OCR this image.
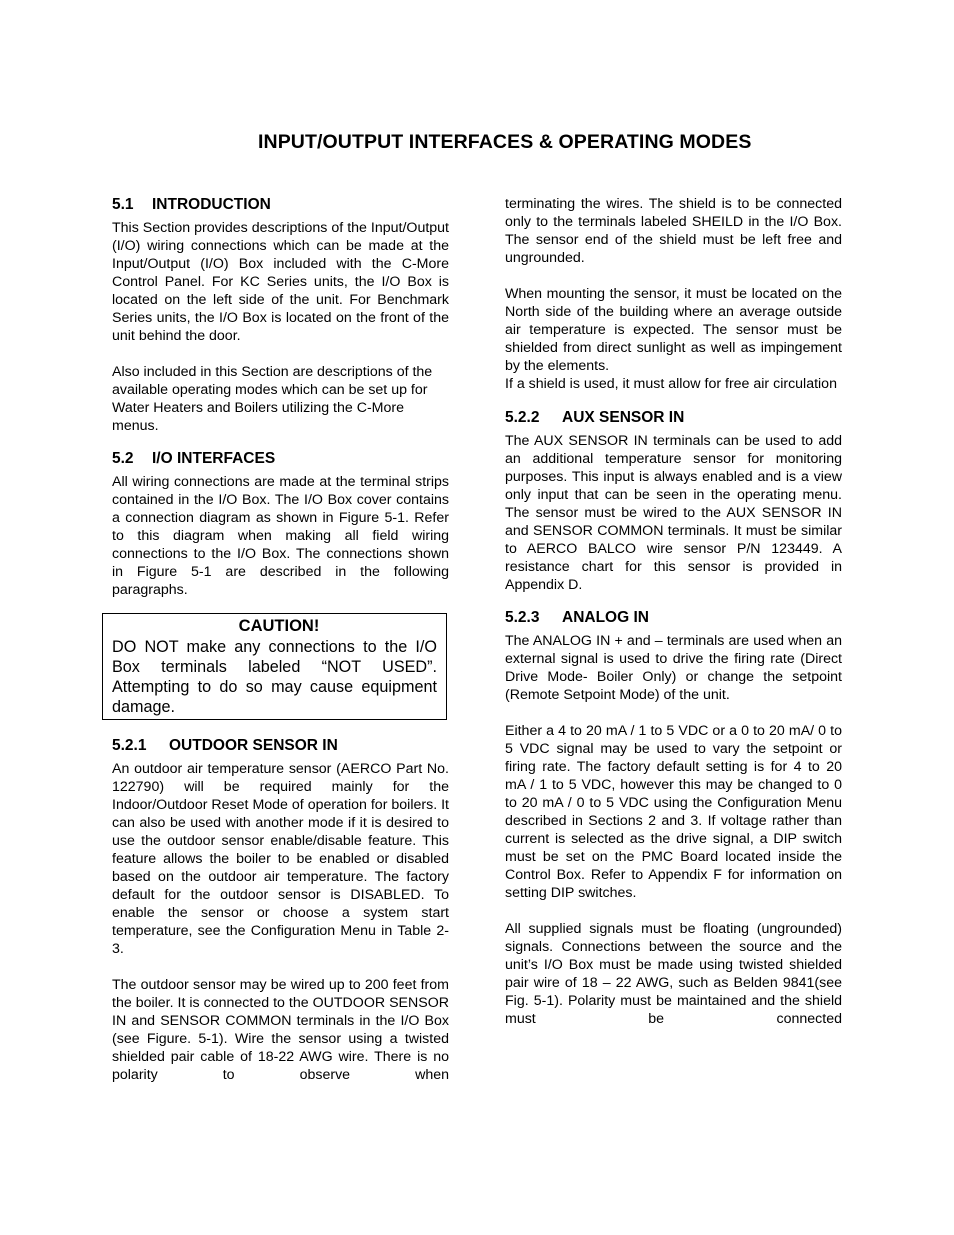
INPUT/OUTPUT INTERFACES & OPERATING MODES
5.1 INTRODUCTION

This Section provides descriptions of the Input/Output (I/O) wiring connections which can be made at the Input/Output (I/O) Box included with the C-More Control Panel. For KC Series units, the I/O Box is located on the left side of the unit. For Benchmark Series units, the I/O Box is located on the front of the unit behind the door.

Also included in this Section are descriptions of the available operating modes which can be set up for Water Heaters and Boilers utilizing the C-More menus.

5.2 I/O INTERFACES

All wiring connections are made at the terminal strips contained in the I/O Box. The I/O Box cover contains a connection diagram as shown in Figure 5-1. Refer to this diagram when making all field wiring connections to the I/O Box. The connections shown in Figure 5-1 are described in the following paragraphs.

CAUTION!

DO NOT make any connections to the I/O Box terminals labeled “NOT USED”. Attempting to do so may cause equipment damage.

5.2.1 OUTDOOR SENSOR IN

An outdoor air temperature sensor (AERCO Part No. 122790) will be required mainly for the Indoor/Outdoor Reset Mode of operation for boilers. It can also be used with another mode if it is desired to use the outdoor sensor enable/disable feature. This feature allows the boiler to be enabled or disabled based on the outdoor air temperature. The factory default for the outdoor sensor is DISABLED. To enable the sensor or choose a system start temperature, see the Configuration Menu in Table 2-3.

The outdoor sensor may be wired up to 200 feet from the boiler. It is connected to the OUTDOOR SENSOR IN and SENSOR COMMON terminals in the I/O Box (see Figure. 5-1). Wire the sensor using a twisted shielded pair cable of 18-22 AWG wire. There is no polarity to observe when

terminating the wires. The shield is to be connected only to the terminals labeled SHEILD in the I/O Box. The sensor end of the shield must be left free and ungrounded.

When mounting the sensor, it must be located on the North side of the building where an average outside air temperature is expected. The sensor must be shielded from direct sunlight as well as impingement by the elements.

If a shield is used, it must allow for free air circulation

5.2.2 AUX SENSOR IN

The AUX SENSOR IN terminals can be used to add an additional temperature sensor for monitoring purposes. This input is always enabled and is a view only input that can be seen in the operating menu. The sensor must be wired to the AUX SENSOR IN and SENSOR COMMON terminals. It must be similar to AERCO BALCO wire sensor P/N 123449. A resistance chart for this sensor is provided in Appendix D.

5.2.3 ANALOG IN

The ANALOG IN + and – terminals are used when an external signal is used to drive the firing rate (Direct Drive Mode- Boiler Only) or change the setpoint (Remote Setpoint Mode) of the unit.

Either a 4 to 20 mA / 1 to 5 VDC or a 0 to 20 mA/ 0 to 5 VDC signal may be used to vary the setpoint or firing rate. The factory default setting is for 4 to 20 mA / 1 to 5 VDC, however this may be changed to 0 to 20 mA / 0 to 5 VDC using the Configuration Menu described in Sections 2 and 3. If voltage rather than current is selected as the drive signal, a DIP switch must be set on the PMC Board located inside the Control Box. Refer to Appendix F for information on setting DIP switches.

All supplied signals must be floating (ungrounded) signals. Connections between the source and the unit’s I/O Box must be made using twisted shielded pair wire of 18 – 22 AWG, such as Belden 9841(see Fig. 5-1). Polarity must be maintained and the shield must be connected
